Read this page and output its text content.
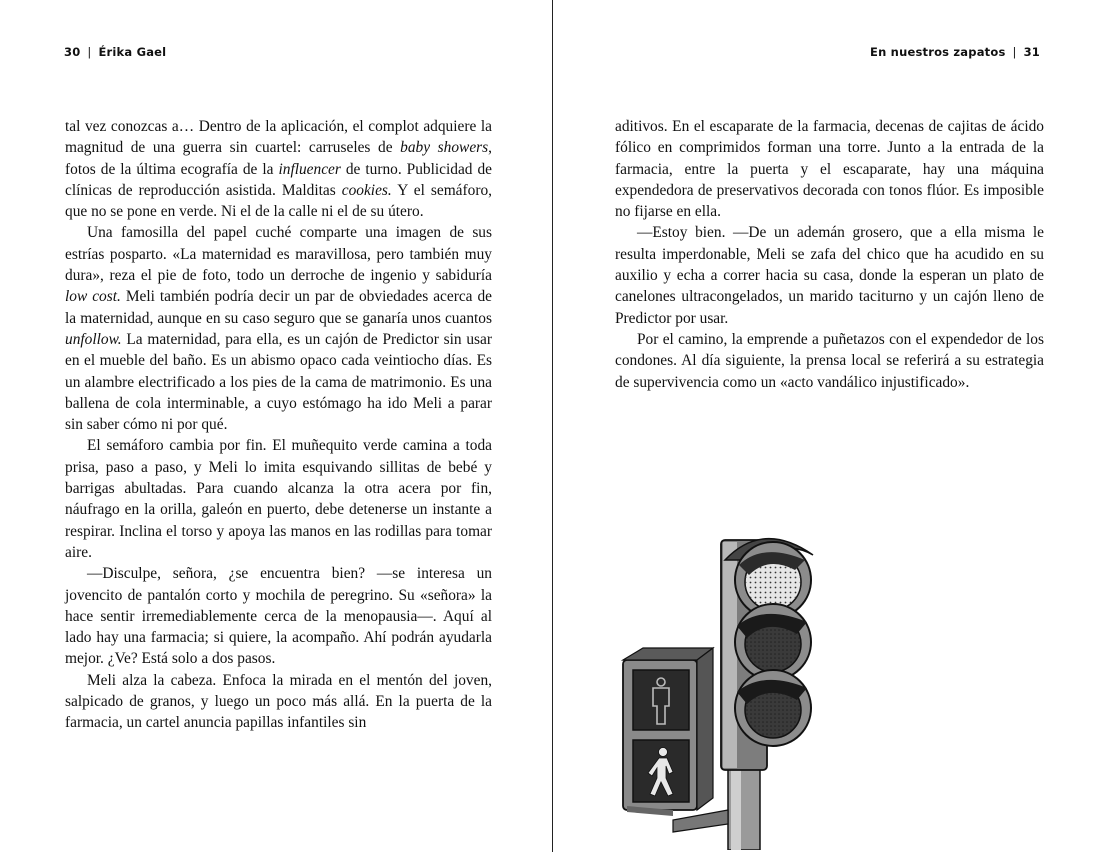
30 | Érika Gael

tal vez conozcas a… Dentro de la aplicación, el complot adquiere la magnitud de una guerra sin cuartel: carruseles de baby showers, fotos de la última ecografía de la influencer de turno. Publicidad de clínicas de reproducción asistida. Malditas cookies. Y el semáforo, que no se pone en verde. Ni el de la calle ni el de su útero.

Una famosilla del papel cuché comparte una imagen de sus estrías posparto. «La maternidad es maravillosa, pero también muy dura», reza el pie de foto, todo un derroche de ingenio y sabiduría low cost. Meli también podría decir un par de obviedades acerca de la maternidad, aunque en su caso seguro que se ganaría unos cuantos unfollow. La maternidad, para ella, es un cajón de Predictor sin usar en el mueble del baño. Es un abismo opaco cada veintiocho días. Es un alambre electrificado a los pies de la cama de matrimonio. Es una ballena de cola interminable, a cuyo estómago ha ido Meli a parar sin saber cómo ni por qué.

El semáforo cambia por fin. El muñequito verde camina a toda prisa, paso a paso, y Meli lo imita esquivando sillitas de bebé y barrigas abultadas. Para cuando alcanza la otra acera por fin, náufrago en la orilla, galeón en puerto, debe detenerse un instante a respirar. Inclina el torso y apoya las manos en las rodillas para tomar aire.

—Disculpe, señora, ¿se encuentra bien? —se interesa un jovencito de pantalón corto y mochila de peregrino. Su «señora» la hace sentir irremediablemente cerca de la menopausia—. Aquí al lado hay una farmacia; si quiere, la acompaño. Ahí podrán ayudarla mejor. ¿Ve? Está solo a dos pasos.

Meli alza la cabeza. Enfoca la mirada en el mentón del joven, salpicado de granos, y luego un poco más allá. En la puerta de la farmacia, un cartel anuncia papillas infantiles sin

En nuestros zapatos | 31

aditivos. En el escaparate de la farmacia, decenas de cajitas de ácido fólico en comprimidos forman una torre. Junto a la entrada de la farmacia, entre la puerta y el escaparate, hay una máquina expendedora de preservativos decorada con tonos flúor. Es imposible no fijarse en ella.

—Estoy bien. —De un ademán grosero, que a ella misma le resulta imperdonable, Meli se zafa del chico que ha acudido en su auxilio y echa a correr hacia su casa, donde la esperan un plato de canelones ultracongelados, un marido taciturno y un cajón lleno de Predictor por usar.

Por el camino, la emprende a puñetazos con el expendedor de los condones. Al día siguiente, la prensa local se referirá a su estrategia de supervivencia como un «acto vandálico injustificado».
